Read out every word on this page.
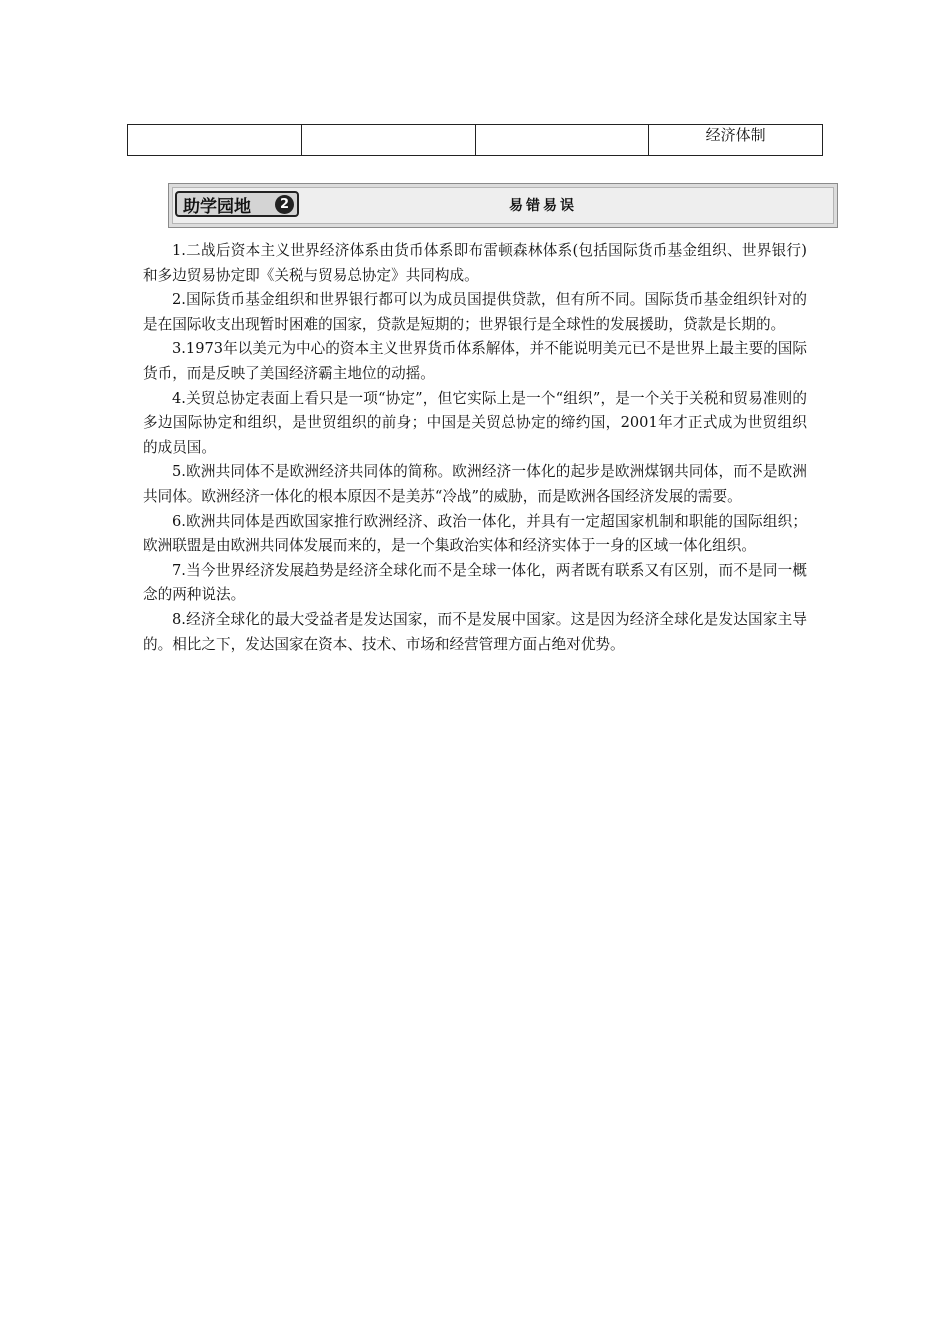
			经济体制
助学园地	2	易错易误

1.二战后资本主义世界经济体系由货币体系即布雷顿森林体系(包括国际货币基金组织、世界银行)和多边贸易协定即《关税与贸易总协定》共同构成。

2.国际货币基金组织和世界银行都可以为成员国提供贷款，但有所不同。国际货币基金组织针对的是在国际收支出现暂时困难的国家，贷款是短期的；世界银行是全球性的发展援助，贷款是长期的。

3.1973年以美元为中心的资本主义世界货币体系解体，并不能说明美元已不是世界上最主要的国际货币，而是反映了美国经济霸主地位的动摇。

4.关贸总协定表面上看只是一项“协定”，但它实际上是一个“组织”，是一个关于关税和贸易准则的多边国际协定和组织，是世贸组织的前身；中国是关贸总协定的缔约国，2001年才正式成为世贸组织的成员国。

5.欧洲共同体不是欧洲经济共同体的简称。欧洲经济一体化的起步是欧洲煤钢共同体，而不是欧洲共同体。欧洲经济一体化的根本原因不是美苏“冷战”的威胁，而是欧洲各国经济发展的需要。

6.欧洲共同体是西欧国家推行欧洲经济、政治一体化，并具有一定超国家机制和职能的国际组织；欧洲联盟是由欧洲共同体发展而来的，是一个集政治实体和经济实体于一身的区域一体化组织。

7.当今世界经济发展趋势是经济全球化而不是全球一体化，两者既有联系又有区别，而不是同一概念的两种说法。

8.经济全球化的最大受益者是发达国家，而不是发展中国家。这是因为经济全球化是发达国家主导的。相比之下，发达国家在资本、技术、市场和经营管理方面占绝对优势。
